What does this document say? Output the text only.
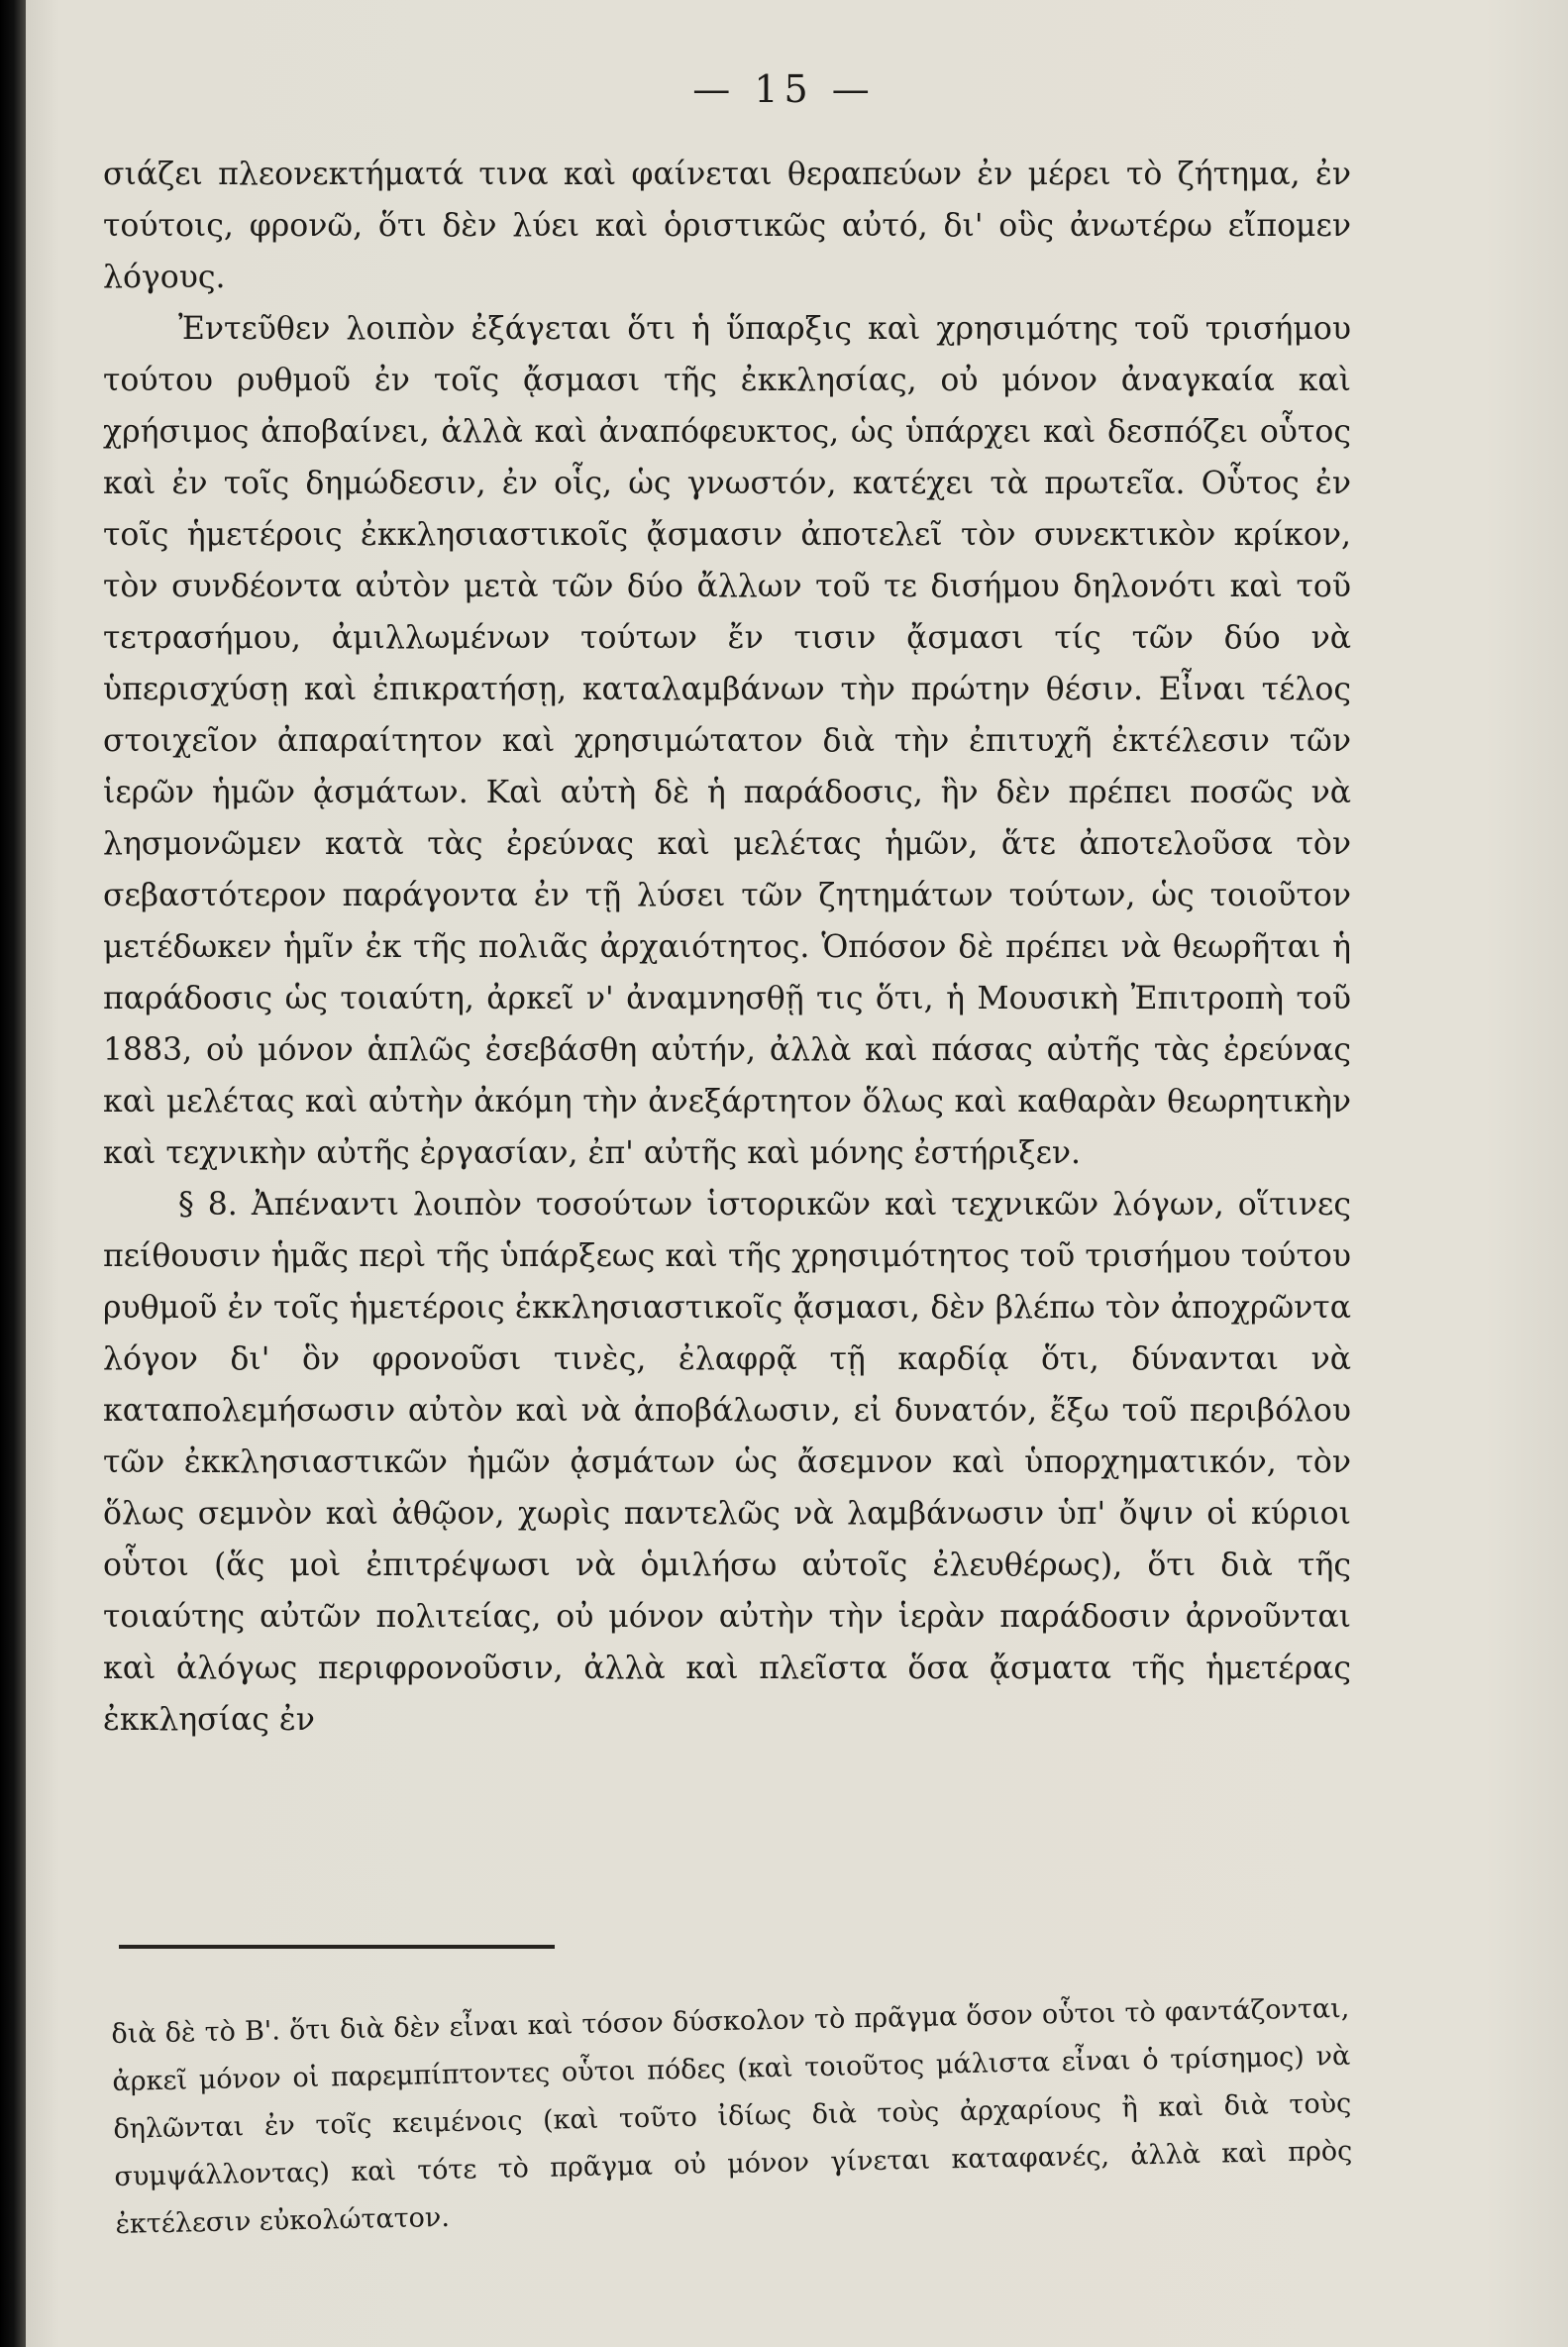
— 15 —

σιάζει πλεονεκτήματά τινα καὶ φαίνεται θεραπεύων ἐν μέρει τὸ ζήτημα, ἐν τούτοις, φρονῶ, ὅτι δὲν λύει καὶ ὁριστικῶς αὐτό, δι' οὓς ἀνωτέρω εἴπομεν λόγους.

Ἐντεῦθεν λοιπὸν ἐξάγεται ὅτι ἡ ὕπαρξις καὶ χρησιμότης τοῦ τρισήμου τούτου ρυθμοῦ ἐν τοῖς ᾄσμασι τῆς ἐκκλησίας, οὐ μόνον ἀναγκαία καὶ χρήσιμος ἀποβαίνει, ἀλλὰ καὶ ἀναπόφευκτος, ὡς ὑπάρχει καὶ δεσπόζει οὗτος καὶ ἐν τοῖς δημώδεσιν, ἐν οἷς, ὡς γνωστόν, κατέχει τὰ πρωτεῖα. Οὗτος ἐν τοῖς ἡμετέροις ἐκκλησιαστικοῖς ᾄσμασιν ἀποτελεῖ τὸν συνεκτικὸν κρίκον, τὸν συνδέοντα αὐτὸν μετὰ τῶν δύο ἄλλων τοῦ τε δισήμου δηλονότι καὶ τοῦ τετρασήμου, ἀμιλλωμένων τούτων ἔν τισιν ᾄσμασι τίς τῶν δύο νὰ ὑπερισχύσῃ καὶ ἐπικρατήσῃ, καταλαμβάνων τὴν πρώτην θέσιν. Εἶναι τέλος στοιχεῖον ἀπαραίτητον καὶ χρησιμώτατον διὰ τὴν ἐπιτυχῆ ἐκτέλεσιν τῶν ἱερῶν ἡμῶν ᾀσμάτων. Καὶ αὐτὴ δὲ ἡ παράδοσις, ἣν δὲν πρέπει ποσῶς νὰ λησμονῶμεν κατὰ τὰς ἐρεύνας καὶ μελέτας ἡμῶν, ἅτε ἀποτελοῦσα τὸν σεβαστότερον παράγοντα ἐν τῇ λύσει τῶν ζητημάτων τούτων, ὡς τοιοῦτον μετέδωκεν ἡμῖν ἐκ τῆς πολιᾶς ἀρχαιότητος. Ὁπόσον δὲ πρέπει νὰ θεωρῆται ἡ παράδοσις ὡς τοιαύτη, ἀρκεῖ ν' ἀναμνησθῇ τις ὅτι, ἡ Μουσικὴ Ἐπιτροπὴ τοῦ 1883, οὐ μόνον ἁπλῶς ἐσεβάσθη αὐτήν, ἀλλὰ καὶ πάσας αὐτῆς τὰς ἐρεύνας καὶ μελέτας καὶ αὐτὴν ἀκόμη τὴν ἀνεξάρτητον ὅλως καὶ καθαρὰν θεωρητικὴν καὶ τεχνικὴν αὐτῆς ἐργασίαν, ἐπ' αὐτῆς καὶ μόνης ἐστήριξεν.

§ 8. Ἀπέναντι λοιπὸν τοσούτων ἱστορικῶν καὶ τεχνικῶν λόγων, οἵτινες πείθουσιν ἡμᾶς περὶ τῆς ὑπάρξεως καὶ τῆς χρησιμότητος τοῦ τρισήμου τούτου ρυθμοῦ ἐν τοῖς ἡμετέροις ἐκκλησιαστικοῖς ᾄσμασι, δὲν βλέπω τὸν ἀποχρῶντα λόγον δι' ὃν φρονοῦσι τινὲς, ἐλαφρᾷ τῇ καρδίᾳ ὅτι, δύνανται νὰ καταπολεμήσωσιν αὐτὸν καὶ νὰ ἀποβάλωσιν, εἰ δυνατόν, ἔξω τοῦ περιβόλου τῶν ἐκκλησιαστικῶν ἡμῶν ᾀσμάτων ὡς ἄσεμνον καὶ ὑπορχηματικόν, τὸν ὅλως σεμνὸν καὶ ἀθῷον, χωρὶς παντελῶς νὰ λαμβάνωσιν ὑπ' ὄψιν οἱ κύριοι οὗτοι (ἅς μοὶ ἐπιτρέψωσι νὰ ὁμιλήσω αὐτοῖς ἐλευθέρως), ὅτι διὰ τῆς τοιαύτης αὐτῶν πολιτείας, οὐ μόνον αὐτὴν τὴν ἱερὰν παράδοσιν ἀρνοῦνται καὶ ἀλόγως περιφρονοῦσιν, ἀλλὰ καὶ πλεῖστα ὅσα ᾄσματα τῆς ἡμετέρας ἐκκλησίας ἐν

διὰ δὲ τὸ Β'. ὅτι διὰ δὲν εἶναι καὶ τόσον δύσκολον τὸ πρᾶγμα ὅσον οὗτοι τὸ φαντάζονται, ἀρκεῖ μόνον οἱ παρεμπίπτοντες οὗτοι πόδες (καὶ τοιοῦτος μάλιστα εἶναι ὁ τρίσημος) νὰ δηλῶνται ἐν τοῖς κειμένοις (καὶ τοῦτο ἰδίως διὰ τοὺς ἀρχαρίους ἢ καὶ διὰ τοὺς συμψάλλοντας) καὶ τότε τὸ πρᾶγμα οὐ μόνον γίνεται καταφανές, ἀλλὰ καὶ πρὸς ἐκτέλεσιν εὐκολώτατον.
